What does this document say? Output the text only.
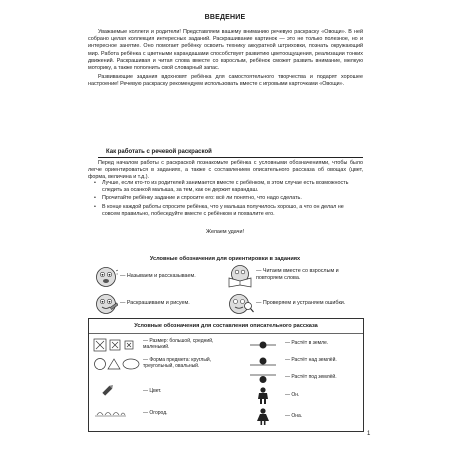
ВВЕДЕНИЕ

Уважаемые коллеги и родители! Представляем вашему вниманию речевую раскраску «Овощи». В ней собрано целая коллекция интересных заданий. Раскрашивание картинок — это не только полезное, но и интересное занятие. Оно помогает ребёнку освоить технику аккуратной штриховки, познать окружающий мир. Работа ребёнка с цветными карандашами способствует развитию цветоощущения, реализации тонких движений. Раскрашивая и читая слова вместе со взрослым, ребёнок сможет развить внимание, мелкую моторику, а также пополнить свой словарный запас.

Развивающие задания вдохновят ребёнка для самостоятельного творчества и подарят хорошее настроение! Речевую раскраску рекомендуем использовать вместе с игровыми карточками «Овощи».

Как работать с речевой раскраской

Перед началом работы с раскраской познакомьте ребёнка с условными обозначениями, чтобы было легче ориентироваться в заданиях, а также с составлением описательного рассказа об овощах (цвет, форма, величина и т.д.).

• Лучше, если кто-то из родителей занимается вместе с ребёнком, в этом случае есть возможность следить за осанкой малыша, за тем, как он держит карандаш.
• Прочитайте ребёнку задание и спросите его: всё ли понятно, что надо сделать.
• В конце каждой работы спросите ребёнка, что у малыша получилось хорошо, а что он делал не совсем правильно, побеседуйте вместе с ребёнком и похвалите его.
Желаем удачи!
Условные обозначения для ориентировки в заданиях
— Называем и рассказываем.
— Раскрашиваем и рисуем.
— Читаем вместе со взрослым и повторяем слова.
— Проверяем и устраняем ошибки.
Условные обозначения для составления описательного рассказа
— Размер: большой, средний, маленький.
— Форма предмета: круглый, треугольный, овальный.
— Цвет.
— Огород.
— Растёт в земле.
— Растёт над землёй.
— Растёт под землёй.
— Он.
— Она.
1
